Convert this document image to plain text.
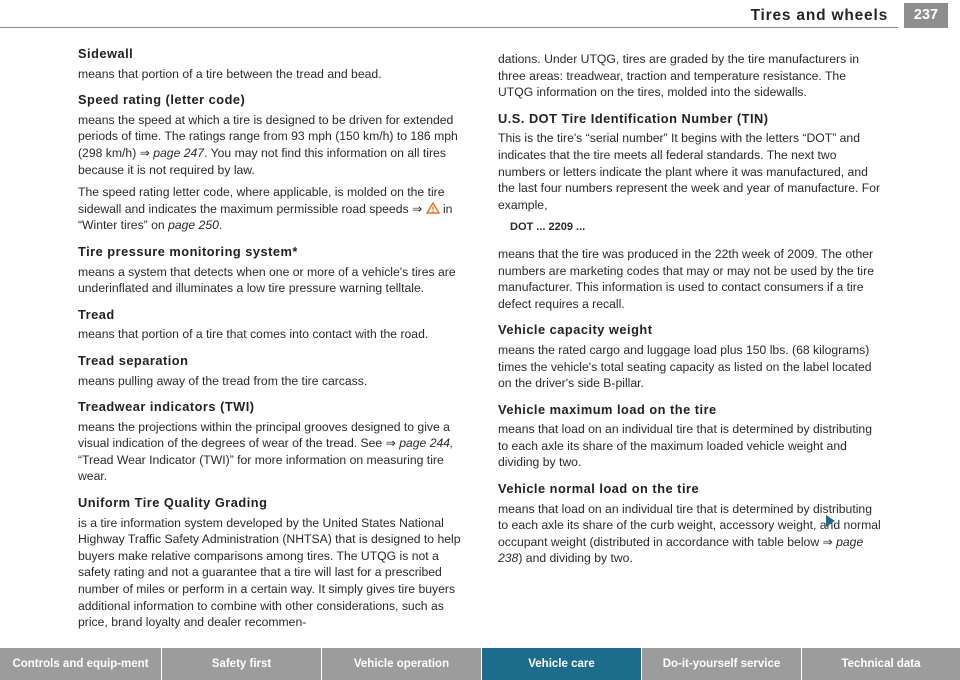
Tires and wheels	237
Sidewall

means that portion of a tire between the tread and bead.

Speed rating (letter code)

means the speed at which a tire is designed to be driven for extended periods of time. The ratings range from 93 mph (150 km/h) to 186 mph (298 km/h) ⇒ page 247. You may not find this information on all tires because it is not required by law.

The speed rating letter code, where applicable, is molded on the tire sidewall and indicates the maximum permissible road speeds ⇒  in “Winter tires” on page 250.

Tire pressure monitoring system*

means a system that detects when one or more of a vehicle's tires are underinflated and illuminates a low tire pressure warning telltale.

Tread

means that portion of a tire that comes into contact with the road.

Tread separation

means pulling away of the tread from the tire carcass.

Treadwear indicators (TWI)

means the projections within the principal grooves designed to give a visual indication of the degrees of wear of the tread. See ⇒ page 244, “Tread Wear Indicator (TWI)” for more information on measuring tire wear.

Uniform Tire Quality Grading

is a tire information system developed by the United States National Highway Traffic Safety Administration (NHTSA) that is designed to help buyers make relative comparisons among tires. The UTQG is not a safety rating and not a guarantee that a tire will last for a prescribed number of miles or perform in a certain way. It simply gives tire buyers additional information to combine with other considerations, such as price, brand loyalty and dealer recommen-

dations. Under UTQG, tires are graded by the tire manufacturers in three areas: treadwear, traction and temperature resistance. The UTQG information on the tires, molded into the sidewalls.

U.S. DOT Tire Identification Number (TIN)

This is the tire's “serial number” It begins with the letters “DOT” and indicates that the tire meets all federal standards. The next two numbers or letters indicate the plant where it was manufactured, and the last four numbers represent the week and year of manufacture. For example,

DOT ... 2209 ...

means that the tire was produced in the 22th week of 2009. The other numbers are marketing codes that may or may not be used by the tire manufacturer. This information is used to contact consumers if a tire defect requires a recall.

Vehicle capacity weight

means the rated cargo and luggage load plus 150 lbs. (68 kilograms) times the vehicle's total seating capacity as listed on the label located on the driver's side B-pillar.

Vehicle maximum load on the tire

means that load on an individual tire that is determined by distributing to each axle its share of the maximum loaded vehicle weight and dividing by two.

Vehicle normal load on the tire

means that load on an individual tire that is determined by distributing to each axle its share of the curb weight, accessory weight, and normal occupant weight (distributed in accordance with table below ⇒ page 238) and dividing by two.

Controls and equip-ment	Safety first	Vehicle operation	Vehicle care	Do-it-yourself service	Technical data
